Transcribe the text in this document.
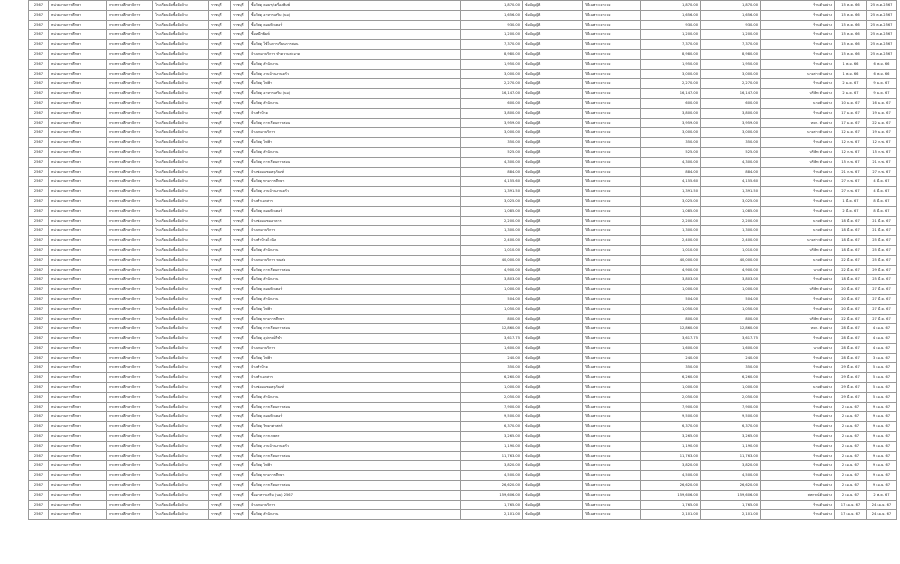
2567	หน่วยงานการศึกษา	กระทรวงศึกษาธิการ	โรงเรียนจัดซื้อจัดจ้าง	ราชบุรี	ราชบุรี	ซื้อวัสดุ คอมฯ/เครื่องพิมพ์	1,870.00	ข้อบัญญัติ	วิธีเฉพาะเจาะจง	1,870.00	1,870.00	ร้านตัวอย่าง	15 ต.ค. 66	25 ต.ค.2567
2567	หน่วยงานการศึกษา	กระทรวงศึกษาธิการ	โรงเรียนจัดซื้อจัดจ้าง	ราชบุรี	ราชบุรี	ซื้อวัสดุ อาหารเสริม (นม)	1,656.00	ข้อบัญญัติ	วิธีเฉพาะเจาะจง	1,656.00	1,656.00	ร้านตัวอย่าง	15 ต.ค. 66	25 ต.ค.2567
2567	หน่วยงานการศึกษา	กระทรวงศึกษาธิการ	โรงเรียนจัดซื้อจัดจ้าง	ราชบุรี	ราชบุรี	ซื้อวัสดุ คอมพิวเตอร์	930.00	ข้อบัญญัติ	วิธีเฉพาะเจาะจง	930.00	930.00	ร้านตัวอย่าง	15 ต.ค. 66	25 ต.ค.2567
2567	หน่วยงานการศึกษา	กระทรวงศึกษาธิการ	โรงเรียนจัดซื้อจัดจ้าง	ราชบุรี	ราชบุรี	ซื้อหมึกพิมพ์	1,200.00	ข้อบัญญัติ	วิธีเฉพาะเจาะจง	1,200.00	1,200.00	ร้านตัวอย่าง	15 ต.ค. 66	25 ต.ค.2567
2567	หน่วยงานการศึกษา	กระทรวงศึกษาธิการ	โรงเรียนจัดซื้อจัดจ้าง	ราชบุรี	ราชบุรี	ซื้อวัสดุ ใช้ในการเรียนการสอน	7,370.00	ข้อบัญญัติ	วิธีเฉพาะเจาะจง	7,370.00	7,370.00	ร้านตัวอย่าง	15 ต.ค. 66	25 ต.ค.2567
2567	หน่วยงานการศึกษา	กระทรวงศึกษาธิการ	โรงเรียนจัดซื้อจัดจ้าง	ราชบุรี	ราชบุรี	จ้างเหมาบริการ ทำความสะอาด	8,980.00	ข้อบัญญัติ	วิธีเฉพาะเจาะจง	8,980.00	8,980.00	ร้านตัวอย่าง	15 ต.ค. 66	25 ต.ค.2567
2567	หน่วยงานการศึกษา	กระทรวงศึกษาธิการ	โรงเรียนจัดซื้อจัดจ้าง	ราชบุรี	ราชบุรี	ซื้อวัสดุ สำนักงาน	1,950.00	ข้อบัญญัติ	วิธีเฉพาะเจาะจง	1,950.00	1,950.00	ร้านตัวอย่าง	1 พ.ย. 66	6 พ.ย. 66
2567	หน่วยงานการศึกษา	กระทรวงศึกษาธิการ	โรงเรียนจัดซื้อจัดจ้าง	ราชบุรี	ราชบุรี	ซื้อวัสดุ งานบ้านงานครัว	3,000.00	ข้อบัญญัติ	วิธีเฉพาะเจาะจง	3,000.00	3,000.00	นางสาวตัวอย่าง	1 พ.ย. 66	6 พ.ย. 66
2567	หน่วยงานการศึกษา	กระทรวงศึกษาธิการ	โรงเรียนจัดซื้อจัดจ้าง	ราชบุรี	ราชบุรี	ซื้อวัสดุ ไฟฟ้า	2,270.00	ข้อบัญญัติ	วิธีเฉพาะเจาะจง	2,270.00	2,270.00	ร้านตัวอย่าง	2 ม.ค. 67	9 ม.ค. 67
2567	หน่วยงานการศึกษา	กระทรวงศึกษาธิการ	โรงเรียนจัดซื้อจัดจ้าง	ราชบุรี	ราชบุรี	ซื้อวัสดุ อาหารเสริม (นม)	16,147.00	ข้อบัญญัติ	วิธีเฉพาะเจาะจง	16,147.00	16,147.00	บริษัท ตัวอย่าง	2 ม.ค. 67	9 ม.ค. 67
2567	หน่วยงานการศึกษา	กระทรวงศึกษาธิการ	โรงเรียนจัดซื้อจัดจ้าง	ราชบุรี	ราชบุรี	ซื้อวัสดุ สำนักงาน	600.00	ข้อบัญญัติ	วิธีเฉพาะเจาะจง	600.00	600.00	นายตัวอย่าง	10 ม.ค. 67	16 ม.ค. 67
2567	หน่วยงานการศึกษา	กระทรวงศึกษาธิการ	โรงเรียนจัดซื้อจัดจ้าง	ราชบุรี	ราชบุรี	จ้างทำป้าย	3,800.00	ข้อบัญญัติ	วิธีเฉพาะเจาะจง	3,800.00	3,800.00	ร้านตัวอย่าง	17 ม.ค. 67	19 ม.ค. 67
2567	หน่วยงานการศึกษา	กระทรวงศึกษาธิการ	โรงเรียนจัดซื้อจัดจ้าง	ราชบุรี	ราชบุรี	ซื้อวัสดุ การเรียนการสอน	3,959.00	ข้อบัญญัติ	วิธีเฉพาะเจาะจง	3,959.00	3,959.00	หจก. ตัวอย่าง	17 ม.ค. 67	22 ม.ค. 67
2567	หน่วยงานการศึกษา	กระทรวงศึกษาธิการ	โรงเรียนจัดซื้อจัดจ้าง	ราชบุรี	ราชบุรี	จ้างเหมาบริการ	3,000.00	ข้อบัญญัติ	วิธีเฉพาะเจาะจง	3,000.00	3,000.00	นางสาวตัวอย่าง	12 ม.ค. 67	19 ม.ค. 67
2567	หน่วยงานการศึกษา	กระทรวงศึกษาธิการ	โรงเรียนจัดซื้อจัดจ้าง	ราชบุรี	ราชบุรี	ซื้อวัสดุ ไฟฟ้า	350.00	ข้อบัญญัติ	วิธีเฉพาะเจาะจง	350.00	350.00	ร้านตัวอย่าง	12 ก.พ. 67	12 ก.พ. 67
2567	หน่วยงานการศึกษา	กระทรวงศึกษาธิการ	โรงเรียนจัดซื้อจัดจ้าง	ราชบุรี	ราชบุรี	ซื้อวัสดุ สำนักงาน	525.00	ข้อบัญญัติ	วิธีเฉพาะเจาะจง	525.00	525.00	บริษัท ตัวอย่าง	12 ก.พ. 67	15 ก.พ. 67
2567	หน่วยงานการศึกษา	กระทรวงศึกษาธิการ	โรงเรียนจัดซื้อจัดจ้าง	ราชบุรี	ราชบุรี	ซื้อวัสดุ การเรียนการสอน	4,300.00	ข้อบัญญัติ	วิธีเฉพาะเจาะจง	4,300.00	4,300.00	บริษัท ตัวอย่าง	15 ก.พ. 67	21 ก.พ. 67
2567	หน่วยงานการศึกษา	กระทรวงศึกษาธิการ	โรงเรียนจัดซื้อจัดจ้าง	ราชบุรี	ราชบุรี	จ้างซ่อมแซมครุภัณฑ์	884.00	ข้อบัญญัติ	วิธีเฉพาะเจาะจง	884.00	884.00	ร้านตัวอย่าง	21 ก.พ. 67	27 ก.พ. 67
2567	หน่วยงานการศึกษา	กระทรวงศึกษาธิการ	โรงเรียนจัดซื้อจัดจ้าง	ราชบุรี	ราชบุรี	ซื้อวัสดุ ทางการศึกษา	4,155.60	ข้อบัญญัติ	วิธีเฉพาะเจาะจง	4,155.60	4,155.60	ร้านตัวอย่าง	27 ก.พ. 67	4 มี.ค. 67
2567	หน่วยงานการศึกษา	กระทรวงศึกษาธิการ	โรงเรียนจัดซื้อจัดจ้าง	ราชบุรี	ราชบุรี	ซื้อวัสดุ งานบ้านงานครัว	1,391.50	ข้อบัญญัติ	วิธีเฉพาะเจาะจง	1,391.50	1,391.50	ร้านตัวอย่าง	27 ก.พ. 67	4 มี.ค. 67
2567	หน่วยงานการศึกษา	กระทรวงศึกษาธิการ	โรงเรียนจัดซื้อจัดจ้าง	ราชบุรี	ราชบุรี	จ้างทำเอกสาร	3,025.00	ข้อบัญญัติ	วิธีเฉพาะเจาะจง	3,025.00	3,025.00	ร้านตัวอย่าง	1 มี.ค. 67	8 มี.ค. 67
2567	หน่วยงานการศึกษา	กระทรวงศึกษาธิการ	โรงเรียนจัดซื้อจัดจ้าง	ราชบุรี	ราชบุรี	ซื้อวัสดุ คอมพิวเตอร์	1,085.00	ข้อบัญญัติ	วิธีเฉพาะเจาะจง	1,085.00	1,085.00	ร้านตัวอย่าง	2 มี.ค. 67	8 มี.ค. 67
2567	หน่วยงานการศึกษา	กระทรวงศึกษาธิการ	โรงเรียนจัดซื้อจัดจ้าง	ราชบุรี	ราชบุรี	จ้างซ่อมแซมอาคาร	2,200.00	ข้อบัญญัติ	วิธีเฉพาะเจาะจง	2,200.00	2,200.00	นายตัวอย่าง	18 มี.ค. 67	21 มี.ค. 67
2567	หน่วยงานการศึกษา	กระทรวงศึกษาธิการ	โรงเรียนจัดซื้อจัดจ้าง	ราชบุรี	ราชบุรี	จ้างเหมาบริการ	1,300.00	ข้อบัญญัติ	วิธีเฉพาะเจาะจง	1,300.00	1,300.00	นายตัวอย่าง	18 มี.ค. 67	21 มี.ค. 67
2567	หน่วยงานการศึกษา	กระทรวงศึกษาธิการ	โรงเรียนจัดซื้อจัดจ้าง	ราชบุรี	ราชบุรี	จ้างทำป้ายไวนิล	2,400.00	ข้อบัญญัติ	วิธีเฉพาะเจาะจง	2,400.00	2,400.00	นางสาวตัวอย่าง	18 มี.ค. 67	25 มี.ค. 67
2567	หน่วยงานการศึกษา	กระทรวงศึกษาธิการ	โรงเรียนจัดซื้อจัดจ้าง	ราชบุรี	ราชบุรี	ซื้อวัสดุ สำนักงาน	1,010.00	ข้อบัญญัติ	วิธีเฉพาะเจาะจง	1,010.00	1,010.00	บริษัท ตัวอย่าง	18 มี.ค. 67	25 มี.ค. 67
2567	หน่วยงานการศึกษา	กระทรวงศึกษาธิการ	โรงเรียนจัดซื้อจัดจ้าง	ราชบุรี	ราชบุรี	จ้างเหมาบริการ ขนส่ง	40,000.00	ข้อบัญญัติ	วิธีเฉพาะเจาะจง	40,000.00	40,000.00	นายตัวอย่าง	22 มี.ค. 67	25 มี.ค. 67
2567	หน่วยงานการศึกษา	กระทรวงศึกษาธิการ	โรงเรียนจัดซื้อจัดจ้าง	ราชบุรี	ราชบุรี	ซื้อวัสดุ การเรียนการสอน	4,900.00	ข้อบัญญัติ	วิธีเฉพาะเจาะจง	4,900.00	4,900.00	นางตัวอย่าง	22 มี.ค. 67	29 มี.ค. 67
2567	หน่วยงานการศึกษา	กระทรวงศึกษาธิการ	โรงเรียนจัดซื้อจัดจ้าง	ราชบุรี	ราชบุรี	ซื้อวัสดุ สำนักงาน	3,803.00	ข้อบัญญัติ	วิธีเฉพาะเจาะจง	3,803.00	3,803.00	ร้านตัวอย่าง	18 มี.ค. 67	25 มี.ค. 67
2567	หน่วยงานการศึกษา	กระทรวงศึกษาธิการ	โรงเรียนจัดซื้อจัดจ้าง	ราชบุรี	ราชบุรี	ซื้อวัสดุ คอมพิวเตอร์	1,000.00	ข้อบัญญัติ	วิธีเฉพาะเจาะจง	1,000.00	1,000.00	บริษัท ตัวอย่าง	20 มี.ค. 67	27 มี.ค. 67
2567	หน่วยงานการศึกษา	กระทรวงศึกษาธิการ	โรงเรียนจัดซื้อจัดจ้าง	ราชบุรี	ราชบุรี	ซื้อวัสดุ สำนักงาน	504.00	ข้อบัญญัติ	วิธีเฉพาะเจาะจง	504.00	504.00	ร้านตัวอย่าง	20 มี.ค. 67	27 มี.ค. 67
2567	หน่วยงานการศึกษา	กระทรวงศึกษาธิการ	โรงเรียนจัดซื้อจัดจ้าง	ราชบุรี	ราชบุรี	ซื้อวัสดุ ไฟฟ้า	1,050.00	ข้อบัญญัติ	วิธีเฉพาะเจาะจง	1,050.00	1,050.00	ร้านตัวอย่าง	20 มี.ค. 67	27 มี.ค. 67
2567	หน่วยงานการศึกษา	กระทรวงศึกษาธิการ	โรงเรียนจัดซื้อจัดจ้าง	ราชบุรี	ราชบุรี	ซื้อวัสดุ ทางการศึกษา	800.00	ข้อบัญญัติ	วิธีเฉพาะเจาะจง	800.00	800.00	บริษัท ตัวอย่าง	22 มี.ค. 67	27 มี.ค. 67
2567	หน่วยงานการศึกษา	กระทรวงศึกษาธิการ	โรงเรียนจัดซื้อจัดจ้าง	ราชบุรี	ราชบุรี	ซื้อวัสดุ การเรียนการสอน	12,860.00	ข้อบัญญัติ	วิธีเฉพาะเจาะจง	12,860.00	12,860.00	หจก. ตัวอย่าง	28 มี.ค. 67	4 เม.ย. 67
2567	หน่วยงานการศึกษา	กระทรวงศึกษาธิการ	โรงเรียนจัดซื้อจัดจ้าง	ราชบุรี	ราชบุรี	ซื้อวัสดุ อุปกรณ์กีฬา	3,617.75	ข้อบัญญัติ	วิธีเฉพาะเจาะจง	3,617.75	3,617.75	ร้านตัวอย่าง	28 มี.ค. 67	4 เม.ย. 67
2567	หน่วยงานการศึกษา	กระทรวงศึกษาธิการ	โรงเรียนจัดซื้อจัดจ้าง	ราชบุรี	ราชบุรี	จ้างเหมาบริการ	1,600.00	ข้อบัญญัติ	วิธีเฉพาะเจาะจง	1,600.00	1,600.00	นางตัวอย่าง	28 มี.ค. 67	4 เม.ย. 67
2567	หน่วยงานการศึกษา	กระทรวงศึกษาธิการ	โรงเรียนจัดซื้อจัดจ้าง	ราชบุรี	ราชบุรี	ซื้อวัสดุ ไฟฟ้า	240.00	ข้อบัญญัติ	วิธีเฉพาะเจาะจง	240.00	240.00	ร้านตัวอย่าง	28 มี.ค. 67	3 เม.ย. 67
2567	หน่วยงานการศึกษา	กระทรวงศึกษาธิการ	โรงเรียนจัดซื้อจัดจ้าง	ราชบุรี	ราชบุรี	จ้างทำป้าย	350.00	ข้อบัญญัติ	วิธีเฉพาะเจาะจง	350.00	350.00	ร้านตัวอย่าง	29 มี.ค. 67	5 เม.ย. 67
2567	หน่วยงานการศึกษา	กระทรวงศึกษาธิการ	โรงเรียนจัดซื้อจัดจ้าง	ราชบุรี	ราชบุรี	จ้างทำเอกสาร	6,260.00	ข้อบัญญัติ	วิธีเฉพาะเจาะจง	6,260.00	6,260.00	ร้านตัวอย่าง	29 มี.ค. 67	5 เม.ย. 67
2567	หน่วยงานการศึกษา	กระทรวงศึกษาธิการ	โรงเรียนจัดซื้อจัดจ้าง	ราชบุรี	ราชบุรี	จ้างซ่อมแซมครุภัณฑ์	1,000.00	ข้อบัญญัติ	วิธีเฉพาะเจาะจง	1,000.00	1,000.00	นายตัวอย่าง	29 มี.ค. 67	5 เม.ย. 67
2567	หน่วยงานการศึกษา	กระทรวงศึกษาธิการ	โรงเรียนจัดซื้อจัดจ้าง	ราชบุรี	ราชบุรี	ซื้อวัสดุ สำนักงาน	2,050.00	ข้อบัญญัติ	วิธีเฉพาะเจาะจง	2,050.00	2,050.00	ร้านตัวอย่าง	29 มี.ค. 67	5 เม.ย. 67
2567	หน่วยงานการศึกษา	กระทรวงศึกษาธิการ	โรงเรียนจัดซื้อจัดจ้าง	ราชบุรี	ราชบุรี	ซื้อวัสดุ การเรียนการสอน	7,900.00	ข้อบัญญัติ	วิธีเฉพาะเจาะจง	7,900.00	7,900.00	ร้านตัวอย่าง	2 เม.ย. 67	9 เม.ย. 67
2567	หน่วยงานการศึกษา	กระทรวงศึกษาธิการ	โรงเรียนจัดซื้อจัดจ้าง	ราชบุรี	ราชบุรี	ซื้อวัสดุ คอมพิวเตอร์	9,500.00	ข้อบัญญัติ	วิธีเฉพาะเจาะจง	9,500.00	9,500.00	ร้านตัวอย่าง	2 เม.ย. 67	9 เม.ย. 67
2567	หน่วยงานการศึกษา	กระทรวงศึกษาธิการ	โรงเรียนจัดซื้อจัดจ้าง	ราชบุรี	ราชบุรี	ซื้อวัสดุ วิทยาศาสตร์	6,370.00	ข้อบัญญัติ	วิธีเฉพาะเจาะจง	6,370.00	6,370.00	ร้านตัวอย่าง	2 เม.ย. 67	9 เม.ย. 67
2567	หน่วยงานการศึกษา	กระทรวงศึกษาธิการ	โรงเรียนจัดซื้อจัดจ้าง	ราชบุรี	ราชบุรี	ซื้อวัสดุ การเกษตร	3,265.00	ข้อบัญญัติ	วิธีเฉพาะเจาะจง	3,265.00	3,265.00	ร้านตัวอย่าง	2 เม.ย. 67	9 เม.ย. 67
2567	หน่วยงานการศึกษา	กระทรวงศึกษาธิการ	โรงเรียนจัดซื้อจัดจ้าง	ราชบุรี	ราชบุรี	ซื้อวัสดุ งานบ้านงานครัว	1,190.00	ข้อบัญญัติ	วิธีเฉพาะเจาะจง	1,190.00	1,190.00	ร้านตัวอย่าง	2 เม.ย. 67	9 เม.ย. 67
2567	หน่วยงานการศึกษา	กระทรวงศึกษาธิการ	โรงเรียนจัดซื้อจัดจ้าง	ราชบุรี	ราชบุรี	ซื้อวัสดุ การเรียนการสอน	11,763.00	ข้อบัญญัติ	วิธีเฉพาะเจาะจง	11,763.00	11,763.00	ร้านตัวอย่าง	2 เม.ย. 67	9 เม.ย. 67
2567	หน่วยงานการศึกษา	กระทรวงศึกษาธิการ	โรงเรียนจัดซื้อจัดจ้าง	ราชบุรี	ราชบุรี	ซื้อวัสดุ ไฟฟ้า	3,820.00	ข้อบัญญัติ	วิธีเฉพาะเจาะจง	3,820.00	3,820.00	ร้านตัวอย่าง	2 เม.ย. 67	9 เม.ย. 67
2567	หน่วยงานการศึกษา	กระทรวงศึกษาธิการ	โรงเรียนจัดซื้อจัดจ้าง	ราชบุรี	ราชบุรี	ซื้อวัสดุ ทางการศึกษา	4,500.00	ข้อบัญญัติ	วิธีเฉพาะเจาะจง	4,500.00	4,500.00	ร้านตัวอย่าง	2 เม.ย. 67	9 เม.ย. 67
2567	หน่วยงานการศึกษา	กระทรวงศึกษาธิการ	โรงเรียนจัดซื้อจัดจ้าง	ราชบุรี	ราชบุรี	ซื้อวัสดุ การเรียนการสอน	26,620.00	ข้อบัญญัติ	วิธีเฉพาะเจาะจง	26,620.00	26,620.00	ร้านตัวอย่าง	2 เม.ย. 67	9 เม.ย. 67
2567	หน่วยงานการศึกษา	กระทรวงศึกษาธิการ	โรงเรียนจัดซื้อจัดจ้าง	ราชบุรี	ราชบุรี	ซื้ออาหารเสริม (นม) 2567	159,606.00	ข้อบัญญัติ	วิธีเฉพาะเจาะจง	159,606.00	159,606.00	สหกรณ์ตัวอย่าง	2 เม.ย. 67	2 พ.ค. 67
2567	หน่วยงานการศึกษา	กระทรวงศึกษาธิการ	โรงเรียนจัดซื้อจัดจ้าง	ราชบุรี	ราชบุรี	จ้างเหมาบริการ	1,765.00	ข้อบัญญัติ	วิธีเฉพาะเจาะจง	1,765.00	1,765.00	ร้านตัวอย่าง	17 เม.ย. 67	24 เม.ย. 67
2567	หน่วยงานการศึกษา	กระทรวงศึกษาธิการ	โรงเรียนจัดซื้อจัดจ้าง	ราชบุรี	ราชบุรี	ซื้อวัสดุ สำนักงาน	2,101.00	ข้อบัญญัติ	วิธีเฉพาะเจาะจง	2,101.00	2,101.00	ร้านตัวอย่าง	17 เม.ย. 67	24 เม.ย. 67
